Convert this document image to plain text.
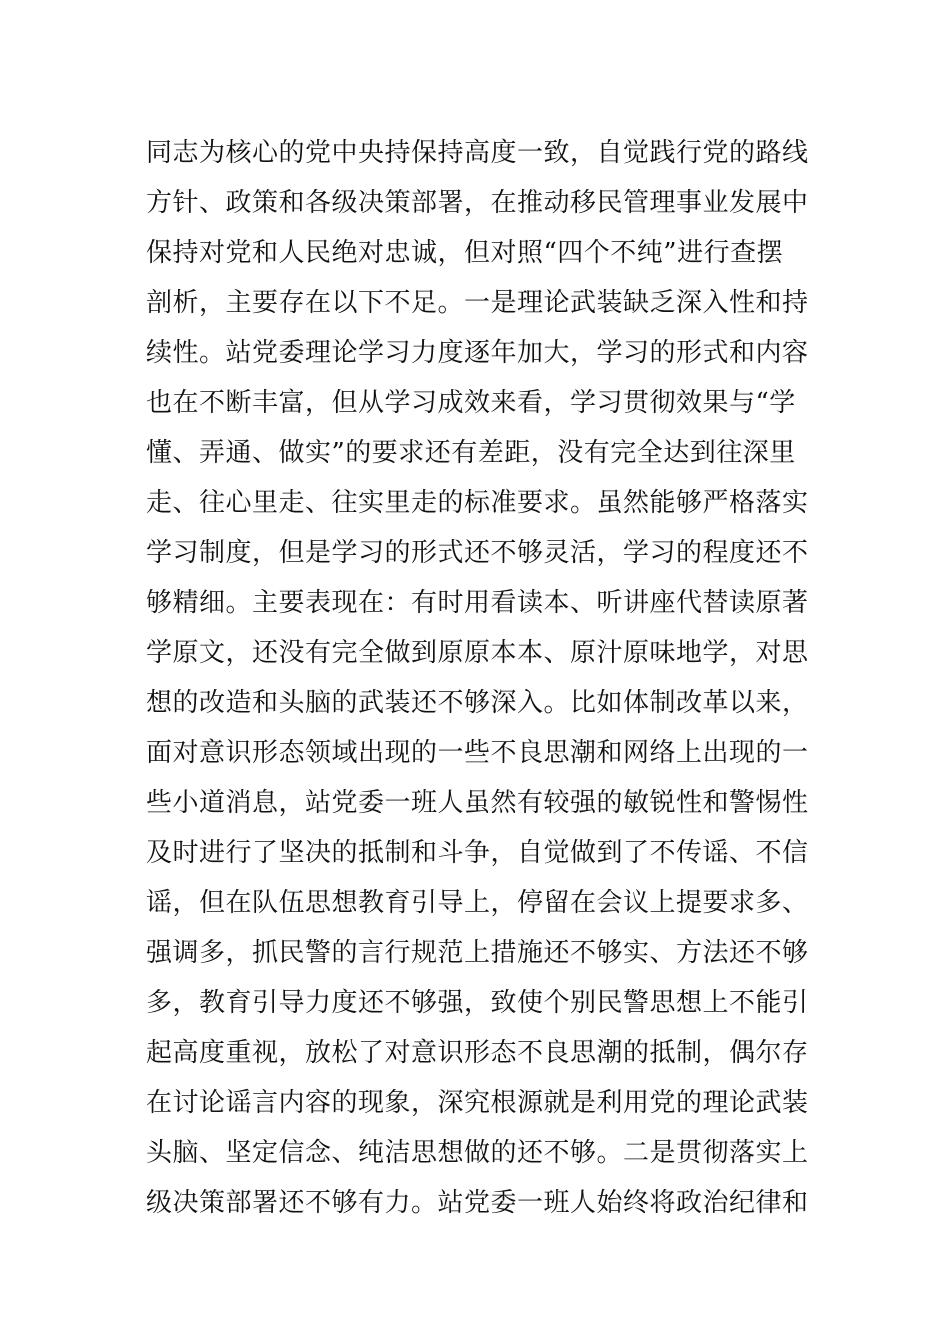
同志为核心的党中央持保持高度一致，自觉践行党的路线
方针、政策和各级决策部署，在推动移民管理事业发展中
保持对党和人民绝对忠诚，但对照“四个不纯”进行查摆
剖析，主要存在以下不足。一是理论武装缺乏深入性和持
续性。站党委理论学习力度逐年加大，学习的形式和内容
也在不断丰富，但从学习成效来看，学习贯彻效果与“学
懂、弄通、做实”的要求还有差距，没有完全达到往深里
走、往心里走、往实里走的标准要求。虽然能够严格落实
学习制度，但是学习的形式还不够灵活，学习的程度还不
够精细。主要表现在：有时用看读本、听讲座代替读原著
学原文，还没有完全做到原原本本、原汁原味地学，对思
想的改造和头脑的武装还不够深入。比如体制改革以来，
面对意识形态领域出现的一些不良思潮和网络上出现的一
些小道消息，站党委一班人虽然有较强的敏锐性和警惕性
及时进行了坚决的抵制和斗争，自觉做到了不传谣、不信
谣，但在队伍思想教育引导上，停留在会议上提要求多、
强调多，抓民警的言行规范上措施还不够实、方法还不够
多，教育引导力度还不够强，致使个别民警思想上不能引
起高度重视，放松了对意识形态不良思潮的抵制，偶尔存
在讨论谣言内容的现象，深究根源就是利用党的理论武装
头脑、坚定信念、纯洁思想做的还不够。二是贯彻落实上
级决策部署还不够有力。站党委一班人始终将政治纪律和
